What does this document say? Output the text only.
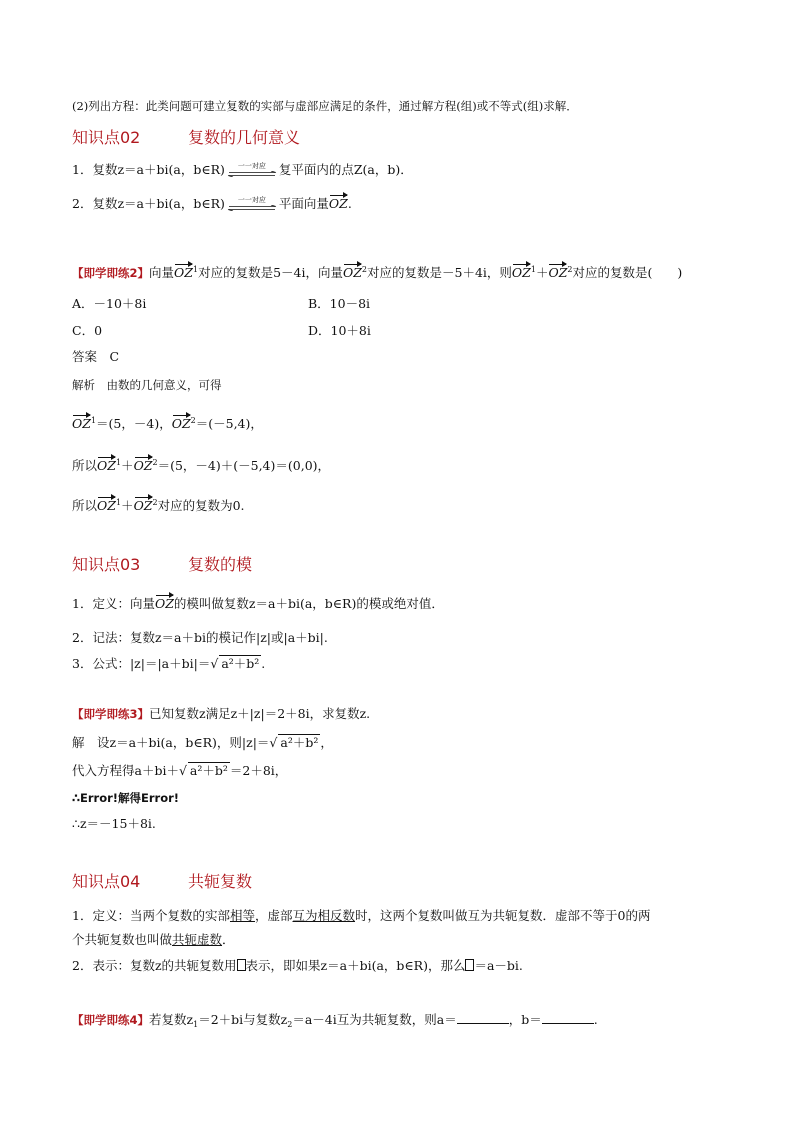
(2)列出方程：此类问题可建立复数的实部与虚部应满足的条件，通过解方程(组)或不等式(组)求解．
知识点02	复数的几何意义
1．复数z＝a＋bi(a，b∈R)	一一对应	复平面内的点Z(a，b)．
2．复数z＝a＋bi(a，b∈R)	一一对应	平面向量OZ.
【即学即练2】向量$OZ^1$对应的复数是5－4i，向量$OZ^2$对应的复数是－5＋4i，则$OZ^1+OZ^2$对应的复数是(　　)
A．－10＋8i	B．10－8i
C．0	D．10＋8i
答案　C
解析　由数的几何意义，可得
$OZ^1=(5$，－4)，$OZ^2=(-5,4)$，
所以$OZ^1+OZ^2=(5$，－4)＋(－5,4)＝(0,0)，
所以$OZ^1+OZ^2$对应的复数为0.
知识点03	复数的模
1．定义：向量OZ的模叫做复数z＝a＋bi(a，b∈R)的模或绝对值．
2．记法：复数z＝a＋bi的模记作|z|或|a＋bi|.
3．公式：|z|＝|a＋bi|＝√ a²＋b² .
【即学即练3】已知复数z满足z＋|z|＝2＋8i，求复数z.
解　设z＝a＋bi(a，b∈R)，则|z|＝√ a²＋b² ，
代入方程得a＋bi＋√ a²＋b² ＝2＋8i，
∴Error!解得Error!
∴z＝－15＋8i.
知识点04	共轭复数
1．定义：当两个复数的实部相等，虚部互为相反数时，这两个复数叫做互为共轭复数．虚部不等于0的两
个共轭复数也叫做共轭虚数．
2．表示：复数z的共轭复数用 表示，即如果z＝a＋bi(a，b∈R)，那么 ＝a－bi.
【即学即练4】若复数$z_1=2+bi$与复数$z_2=a-4i$互为共轭复数，则a＝	，b＝	.
